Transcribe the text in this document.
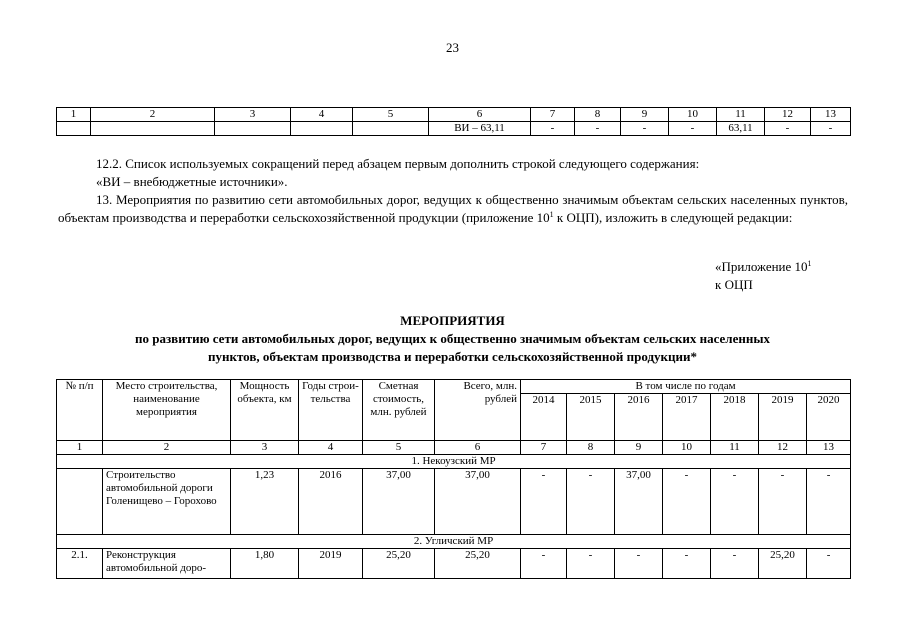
23
1	2	3	4	5	6	7	8	9	10	11	12	13
					ВИ – 63,11	-	-	-	-	63,11	-	-
12.2. Список используемых сокращений перед абзацем первым дополнить строкой следующего содержания:
«ВИ – внебюджетные источники».
13. Мероприятия по развитию сети автомобильных дорог, ведущих к общественно значимым объектам сельских населенных пунктов, объектам производства и переработки сельскохозяйственной продукции (приложение $10^1$ к ОЦП), изложить в следующей редакции:
«Приложение $10^1$
к ОЦП
МЕРОПРИЯТИЯ
по развитию сети автомобильных дорог, ведущих к общественно значимым объектам сельских населенных
пунктов, объектам производства и переработки сельскохозяйственной продукции*
№ п/п	Место строительства, наименование мероприятия	Мощность объекта, км	Годы строи-тельства	Сметная стоимость, млн. рублей	Всего, млн. рублей	В том числе по годам						
						2014	2015	2016	2017	2018	2019	2020
1	2	3	4	5	6	7	8	9	10	11	12	13
1. Некоузский МР												
	Строительство автомобильной дороги Голенищево – Горохово	1,23	2016	37,00	37,00	-	-	37,00	-	-	-	-
2. Угличский МР												
2.1.	Реконструкция автомобильной доро-	1,80	2019	25,20	25,20	-	-	-	-	-	25,20	-
